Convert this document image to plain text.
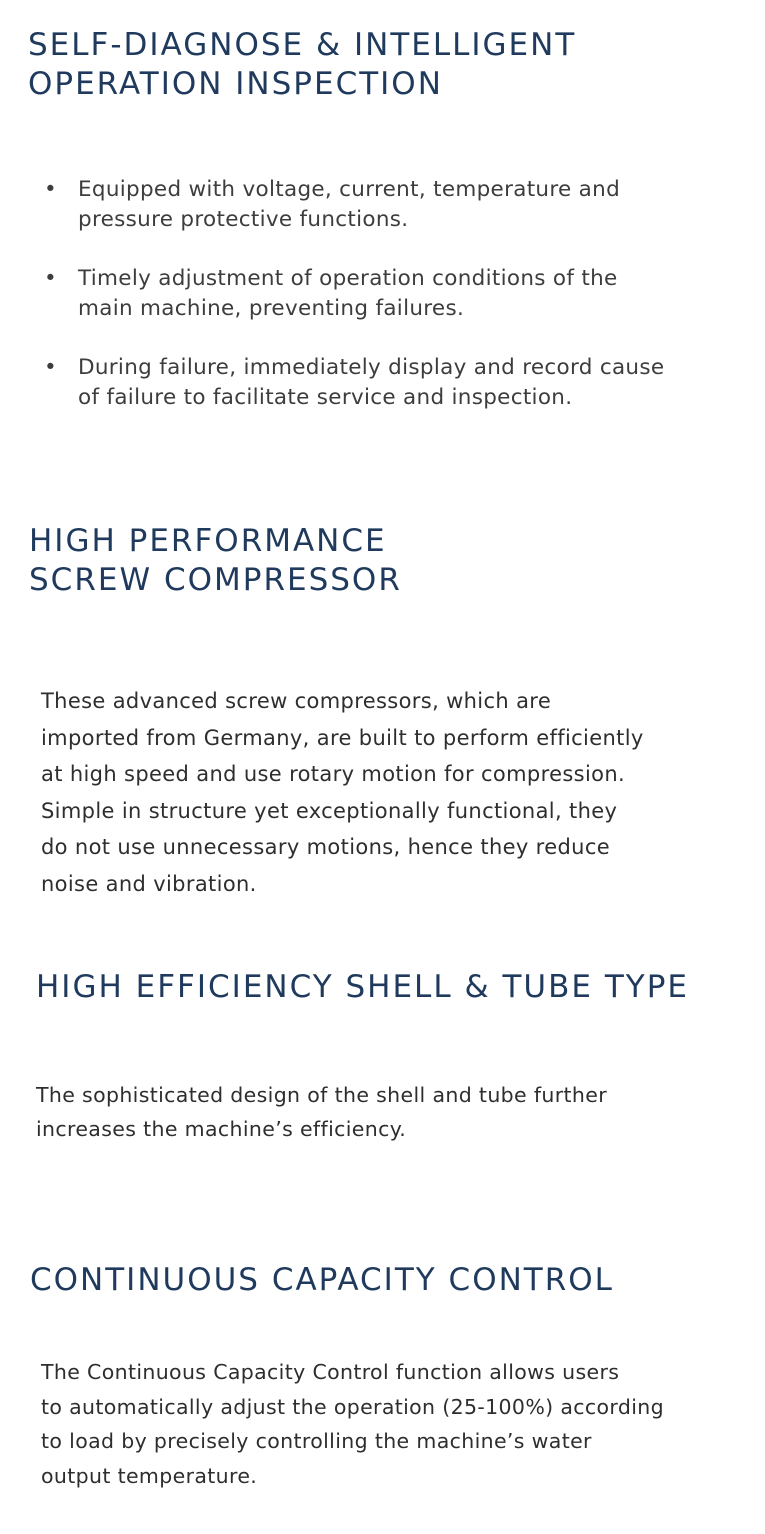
SELF-DIAGNOSE & INTELLIGENT
OPERATION INSPECTION
• Equipped with voltage, current, temperature and
pressure protective functions.
• Timely adjustment of operation conditions of the
main machine, preventing failures.
• During failure, immediately display and record cause
of failure to facilitate service and inspection.
HIGH PERFORMANCE
SCREW COMPRESSOR
These advanced screw compressors, which are
imported from Germany, are built to perform efficiently
at high speed and use rotary motion for compression.
Simple in structure yet exceptionally functional, they
do not use unnecessary motions, hence they reduce
noise and vibration.
HIGH EFFICIENCY SHELL & TUBE TYPE
The sophisticated design of the shell and tube further
increases the machine’s efficiency.
CONTINUOUS CAPACITY CONTROL
The Continuous Capacity Control function allows users
to automatically adjust the operation (25-100%) according
to load by precisely controlling the machine’s water
output temperature.
